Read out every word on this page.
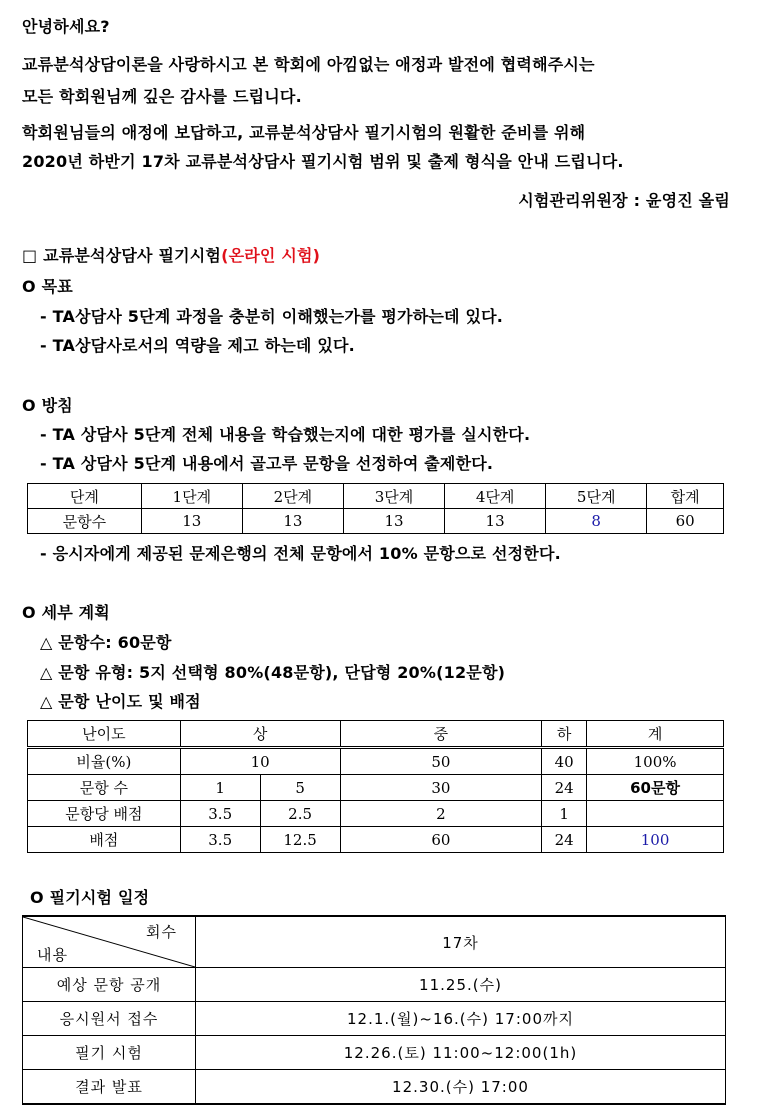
안녕하세요?
교류분석상담이론을 사랑하시고 본 학회에 아낌없는 애정과 발전에 협력해주시는
모든 학회원님께 깊은 감사를 드립니다.
학회원님들의 애정에 보답하고, 교류분석상담사 필기시험의 원활한 준비를 위해
2020년 하반기 17차 교류분석상담사 필기시험 범위 및 출제 형식을 안내 드립니다.
시험관리위원장 : 윤영진 올림
□ 교류분석상담사 필기시험(온라인 시험)
O 목표
- TA상담사 5단계 과정을 충분히 이해했는가를 평가하는데 있다.
- TA상담사로서의 역량을 제고 하는데 있다.
O 방침
- TA 상담사 5단계 전체 내용을 학습했는지에 대한 평가를 실시한다.
- TA 상담사 5단계 내용에서 골고루 문항을 선정하여 출제한다.
단계	1단계	2단계	3단계	4단계	5단계	합계
문항수	13	13	13	13	8	60
- 응시자에게 제공된 문제은행의 전체 문항에서 10% 문항으로 선정한다.
O 세부 계획
△ 문항수: 60문항
△ 문항 유형: 5지 선택형 80%(48문항), 단답형 20%(12문항)
△ 문항 난이도 및 배점
난이도	상		중	하	계
비율(%)	10		50	40	100%
문항 수	1	5	30	24	60문항
문항당 배점	3.5	2.5	2	1	
배점	3.5	12.5	60	24	100
O 필기시험 일정
회수
내용	17차
예상 문항 공개	11.25.(수)
응시원서 접수	12.1.(월)~16.(수) 17:00까지
필기 시험	12.26.(토) 11:00~12:00(1h)
결과 발표	12.30.(수) 17:00
